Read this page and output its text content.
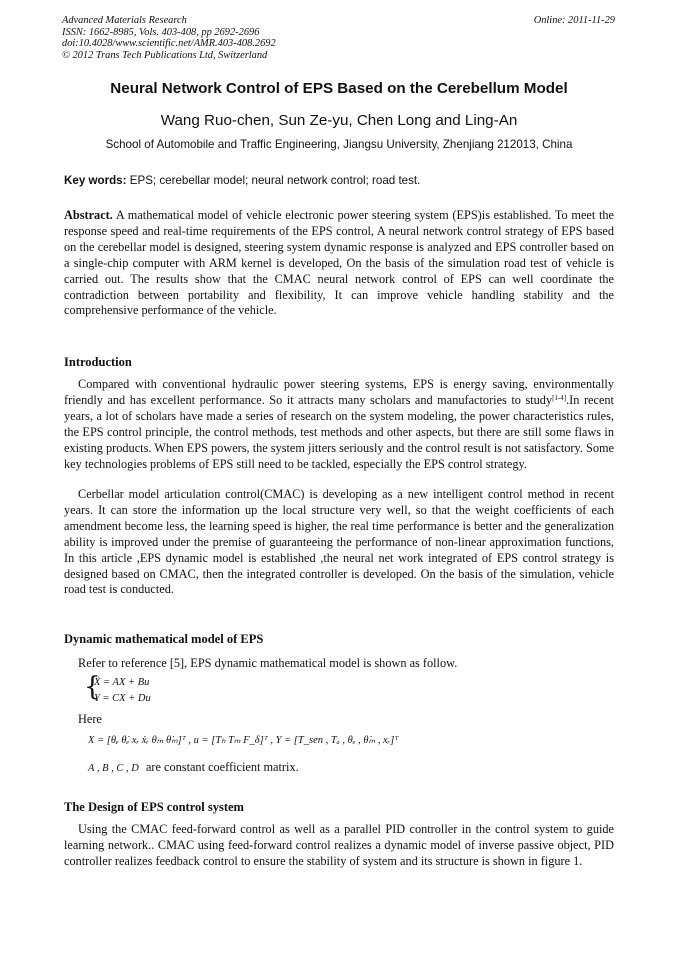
Advanced Materials Research
ISSN: 1662-8985, Vols. 403-408, pp 2692-2696
doi:10.4028/www.scientific.net/AMR.403-408.2692
© 2012 Trans Tech Publications Ltd, Switzerland
Online: 2011-11-29
Neural Network Control of EPS Based on the Cerebellum Model
Wang Ruo-chen, Sun Ze-yu, Chen Long and Ling-An
School of Automobile and Traffic Engineering, Jiangsu University, Zhenjiang 212013, China
Key words: EPS; cerebellar model; neural network control; road test.
Abstract. A mathematical model of vehicle electronic power steering system (EPS)is established. To meet the response speed and real-time requirements of the EPS control, A neural network control strategy of EPS based on the cerebellar model is designed, steering system dynamic response is analyzed and EPS controller based on a single-chip computer with ARM kernel is developed, On the basis of the simulation road test of vehicle is carried out. The results show that the CMAC neural network control of EPS can well coordinate the contradiction between portability and flexibility, It can improve vehicle handling stability and the comprehensive performance of the vehicle.
Introduction
Compared with conventional hydraulic power steering systems, EPS is energy saving, environmentally friendly and has excellent performance. So it attracts many scholars and manufactories to study[1-4].In recent years, a lot of scholars have made a series of research on the system modeling, the power characteristics rules, the EPS control principle, the control methods, test methods and other aspects, but there are still some flaws in existing products. When EPS powers, the system jitters seriously and the control result is not satisfactory. Some key technologies problems of EPS still need to be tackled, especially the EPS control strategy.
Cerbellar model articulation control(CMAC) is developing as a new intelligent control method in recent years. It can store the information up the local structure very well, so that the weight coefficients of each amendment become less, the learning speed is higher, the real time performance is better and the generalization ability is improved under the premise of guaranteeing the performance of non-linear approximation functions, In this article ,EPS dynamic model is established ,the neural net work integrated of EPS control strategy is designed based on CMAC, then the integrated controller is developed. On the basis of the simulation, vehicle road test is conducted.
Dynamic mathematical model of EPS
Refer to reference [5], EPS dynamic mathematical model is shown as follow.
{
Ẋ = AX + Bu
Y = CX + Du
Here
X = [θₑ θ̇ₑ xᵣ ẋᵣ θₘ θ̇ₘ]ᵀ , u = [Tₕ Tₘ F_δ]ᵀ , Y = [T_sen , Tₐ , θₑ , θ̇ₘ , xᵣ]ᵀ
A , B , C , D are constant coefficient matrix.
The Design of EPS control system
Using the CMAC feed-forward control as well as a parallel PID controller in the control system to guide learning network.. CMAC using feed-forward control realizes a dynamic model of inverse passive object, PID controller realizes feedback control to ensure the stability of system and its structure is shown in figure 1.
